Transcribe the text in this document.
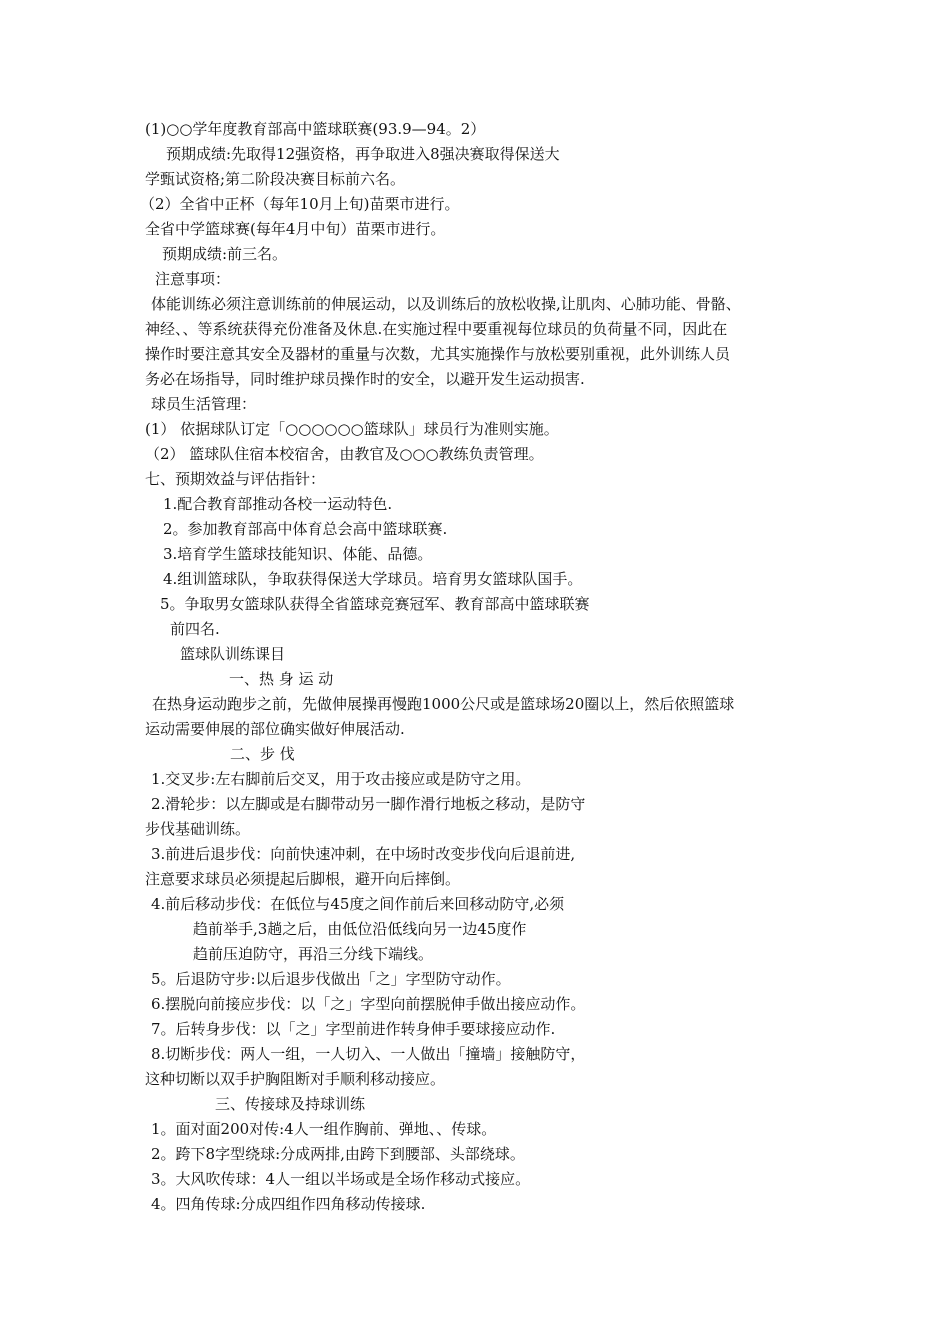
(1)○○学年度教育部高中篮球联赛(93.9—94。2）
预期成绩:先取得12强资格，再争取进入8强决赛取得保送大
学甄试资格;第二阶段决赛目标前六名。
（2）全省中正杯（每年10月上旬)苗栗市进行。
全省中学篮球赛(每年4月中旬）苗栗市进行。
预期成绩:前三名。
注意事项：
体能训练必须注意训练前的伸展运动，以及训练后的放松收操,让肌肉、心肺功能、骨骼、
神经、、等系统获得充份准备及休息.在实施过程中要重视每位球员的负荷量不同，因此在
操作时要注意其安全及器材的重量与次数，尤其实施操作与放松要别重视，此外训练人员
务必在场指导，同时维护球员操作时的安全，以避开发生运动损害.
球员生活管理：
(1） 依据球队订定「○○○○○○篮球队」球员行为准则实施。
（2） 篮球队住宿本校宿舍，由教官及○○○教练负责管理。
七、预期效益与评估指针：
1.配合教育部推动各校一运动特色.
2。参加教育部高中体育总会高中篮球联赛.
3.培育学生篮球技能知识、体能、品德。
4.组训篮球队，争取获得保送大学球员。培育男女篮球队国手。
5。争取男女篮球队获得全省篮球竞赛冠军、教育部高中篮球联赛
前四名.
篮球队训练课目
一、热 身 运 动
在热身运动跑步之前，先做伸展操再慢跑1000公尺或是篮球场20圈以上，然后依照篮球
运动需要伸展的部位确实做好伸展活动.
二、步 伐
1.交叉步:左右脚前后交叉，用于攻击接应或是防守之用。
2.滑轮步：以左脚或是右脚带动另一脚作滑行地板之移动，是防守
步伐基础训练。
3.前进后退步伐：向前快速冲刺，在中场时改变步伐向后退前进,
注意要求球员必须提起后脚根，避开向后摔倒。
4.前后移动步伐：在低位与45度之间作前后来回移动防守,必须
趋前举手,3趟之后，由低位沿低线向另一边45度作
趋前压迫防守，再沿三分线下端线。
5。后退防守步:以后退步伐做出「之」字型防守动作。
6.摆脱向前接应步伐：以「之」字型向前摆脱伸手做出接应动作。
7。后转身步伐：以「之」字型前进作转身伸手要球接应动作.
8.切断步伐：两人一组，一人切入、一人做出「撞墙」接触防守，
这种切断以双手护胸阻断对手顺利移动接应。
三、传接球及持球训练
1。面对面200对传:4人一组作胸前、弹地、、传球。
2。跨下8字型绕球:分成两排,由跨下到腰部、头部绕球。
3。大风吹传球：4人一组以半场或是全场作移动式接应。
4。四角传球:分成四组作四角移动传接球.
